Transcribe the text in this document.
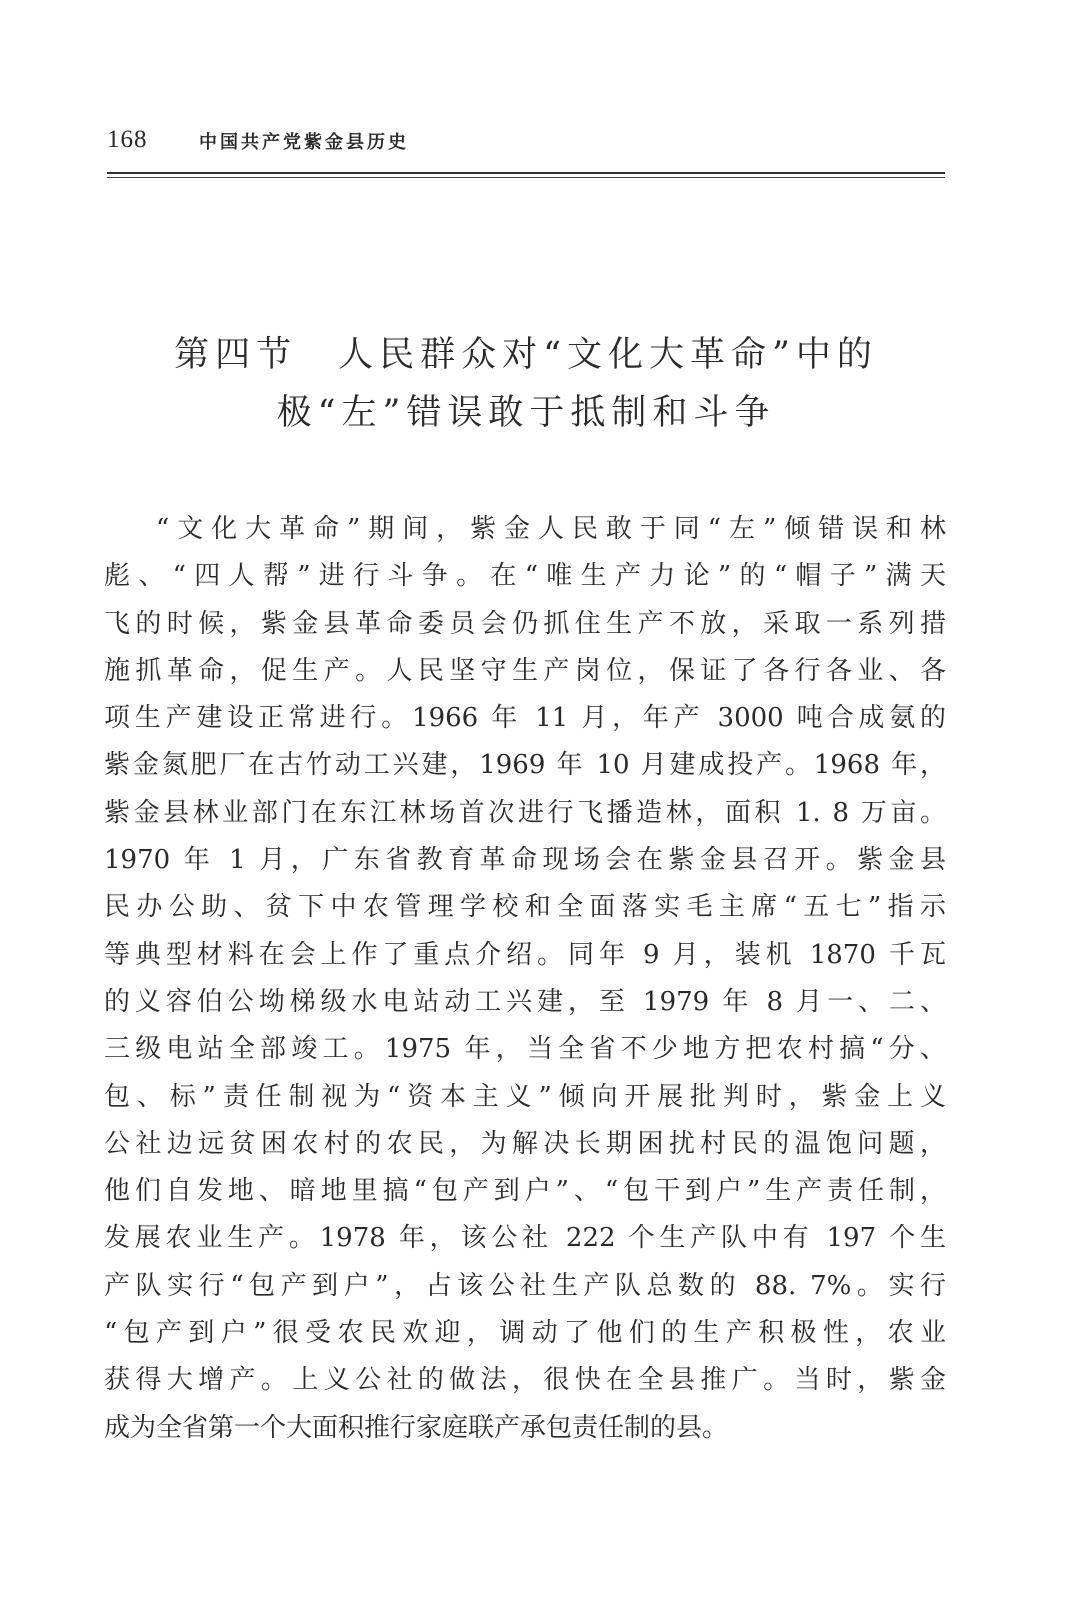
168	中国共产党紫金县历史
第四节　人民群众对“文化大革命”中的
极“左”错误敢于抵制和斗争
“文化大革命”期间，紫金人民敢于同“左”倾错误和林
彪、“四人帮”进行斗争。在“唯生产力论”的“帽子”满天
飞的时候，紫金县革命委员会仍抓住生产不放，采取一系列措
施抓革命，促生产。人民坚守生产岗位，保证了各行各业、各
项生产建设正常进行。1966 年 11 月，年产 3000 吨合成氨的
紫金氮肥厂在古竹动工兴建，1969 年 10 月建成投产。1968 年，
紫金县林业部门在东江林场首次进行飞播造林，面积 1. 8 万亩。
1970 年 1 月，广东省教育革命现场会在紫金县召开。紫金县
民办公助、贫下中农管理学校和全面落实毛主席“五七”指示
等典型材料在会上作了重点介绍。同年 9 月，装机 1870 千瓦
的义容伯公坳梯级水电站动工兴建，至 1979 年 8 月一、二、
三级电站全部竣工。1975 年，当全省不少地方把农村搞“分、
包、标”责任制视为“资本主义”倾向开展批判时，紫金上义
公社边远贫困农村的农民，为解决长期困扰村民的温饱问题，
他们自发地、暗地里搞“包产到户”、“包干到户”生产责任制，
发展农业生产。1978 年，该公社 222 个生产队中有 197 个生
产队实行“包产到户”，占该公社生产队总数的 88. 7%。实行
“包产到户”很受农民欢迎，调动了他们的生产积极性，农业
获得大增产。上义公社的做法，很快在全县推广。当时，紫金
成为全省第一个大面积推行家庭联产承包责任制的县。
